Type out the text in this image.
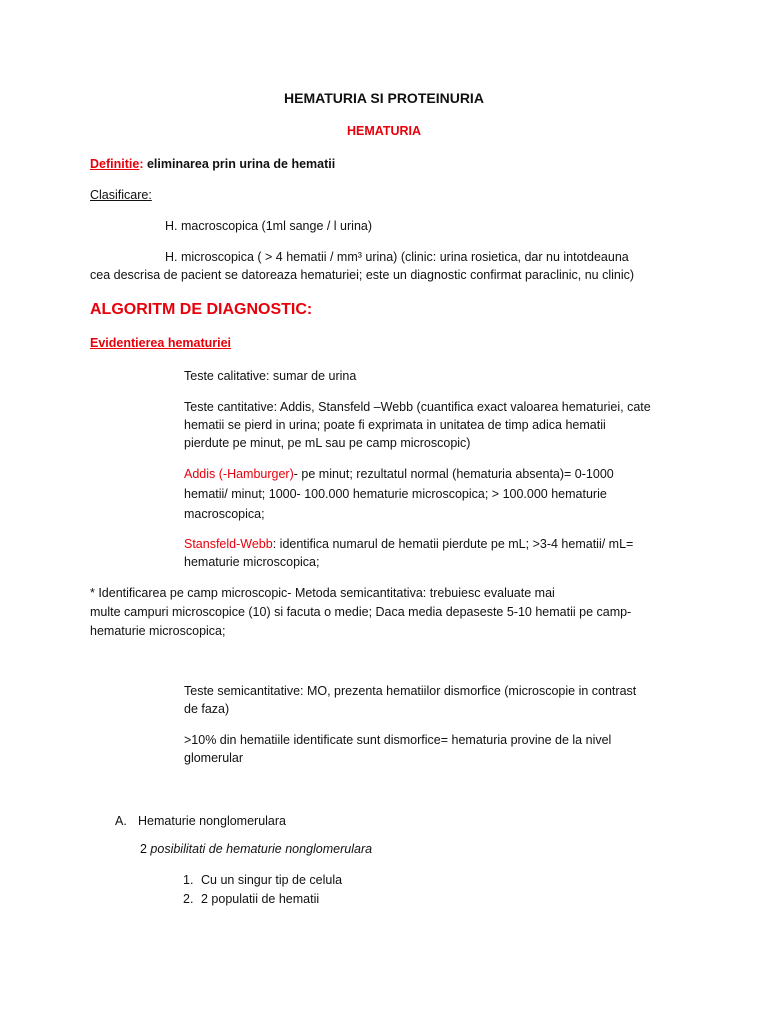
HEMATURIA SI PROTEINURIA
HEMATURIA
Definitie: eliminarea prin urina de hematii
Clasificare:
H. macroscopica (1ml sange / l urina)
H. microscopica ( > 4 hematii / mm³ urina) (clinic: urina rosietica, dar nu intotdeauna
cea descrisa de pacient se datoreaza hematuriei; este un diagnostic confirmat paraclinic, nu clinic)
ALGORITM DE DIAGNOSTIC:
Evidentierea hematuriei
Teste calitative: sumar de urina
Teste cantitative: Addis, Stansfeld –Webb (cuantifica exact valoarea hematuriei, cate
hematii se pierd in urina; poate fi exprimata in unitatea de timp adica hematii
pierdute pe minut, pe mL sau pe camp microscopic)
Addis (-Hamburger)- pe minut; rezultatul normal (hematuria absenta)= 0-1000
hematii/ minut; 1000- 100.000 hematurie microscopica; > 100.000 hematurie
macroscopica;
Stansfeld-Webb: identifica numarul de hematii pierdute pe mL; >3-4 hematii/ mL=
hematurie microscopica;
* Identificarea pe camp microscopic- Metoda semicantitativa: trebuiesc evaluate mai
multe campuri microscopice (10) si facuta o medie; Daca media depaseste 5-10 hematii pe camp-
hematurie microscopica;
Teste semicantitative: MO, prezenta hematiilor dismorfice (microscopie in contrast
de faza)
>10% din hematiile identificate sunt dismorfice= hematuria provine de la nivel
glomerular
A. Hematurie nonglomerulara
2 posibilitati de hematurie nonglomerulara
1. Cu un singur tip de celula
2. 2 populatii de hematii
